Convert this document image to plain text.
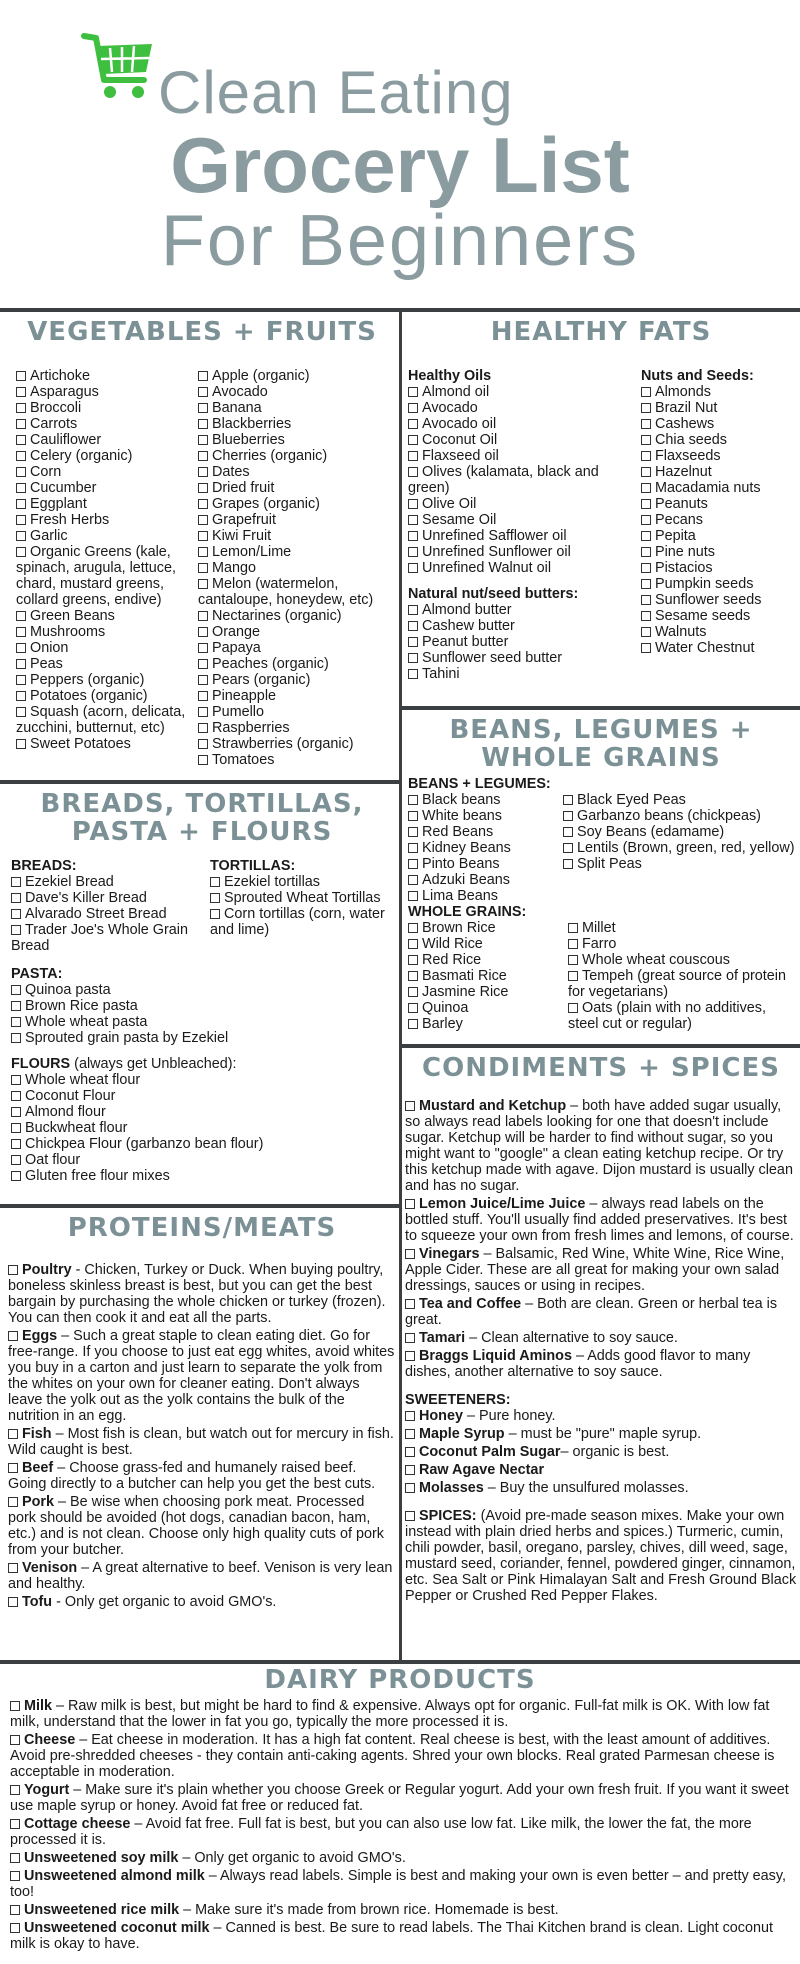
Clean Eating
Grocery List
For Beginners
VEGETABLES + FRUITS
Artichoke
Asparagus
Broccoli
Carrots
Cauliflower
Celery (organic)
Corn
Cucumber
Eggplant
Fresh Herbs
Garlic
Organic Greens (kale, spinach, arugula, lettuce, chard, mustard greens, collard greens, endive)
Green Beans
Mushrooms
Onion
Peas
Peppers (organic)
Potatoes (organic)
Squash (acorn, delicata, zucchini, butternut, etc)
Sweet Potatoes
Apple (organic)
Avocado
Banana
Blackberries
Blueberries
Cherries (organic)
Dates
Dried fruit
Grapes (organic)
Grapefruit
Kiwi Fruit
Lemon/Lime
Mango
Melon (watermelon, cantaloupe, honeydew, etc)
Nectarines (organic)
Orange
Papaya
Peaches (organic)
Pears (organic)
Pineapple
Pumello
Raspberries
Strawberries (organic)
Tomatoes
HEALTHY FATS
Healthy Oils
Almond oil
Avocado
Avocado oil
Coconut Oil
Flaxseed oil
Olives (kalamata, black and green)
Olive Oil
Sesame Oil
Unrefined Safflower oil
Unrefined Sunflower oil
Unrefined Walnut oil
Natural nut/seed butters:
Almond butter
Cashew butter
Peanut butter
Sunflower seed butter
Tahini
Nuts and Seeds:
Almonds
Brazil Nut
Cashews
Chia seeds
Flaxseeds
Hazelnut
Macadamia nuts
Peanuts
Pecans
Pepita
Pine nuts
Pistacios
Pumpkin seeds
Sunflower seeds
Sesame seeds
Walnuts
Water Chestnut
BREADS, TORTILLAS, PASTA + FLOURS
BREADS:
Ezekiel Bread
Dave's Killer Bread
Alvarado Street Bread
Trader Joe's Whole Grain Bread
TORTILLAS:
Ezekiel tortillas
Sprouted Wheat Tortillas
Corn tortillas (corn, water and lime)
PASTA:
Quinoa pasta
Brown Rice pasta
Whole wheat pasta
Sprouted grain pasta by Ezekiel
FLOURS (always get Unbleached):
Whole wheat flour
Coconut Flour
Almond flour
Buckwheat flour
Chickpea Flour (garbanzo bean flour)
Oat flour
Gluten free flour mixes
BEANS, LEGUMES + WHOLE GRAINS
BEANS + LEGUMES:
Black beans
White beans
Red Beans
Kidney Beans
Pinto Beans
Adzuki Beans
Lima Beans
Black Eyed Peas
Garbanzo beans (chickpeas)
Soy Beans (edamame)
Lentils (Brown, green, red, yellow)
Split Peas
WHOLE GRAINS:
Brown Rice
Wild Rice
Red Rice
Basmati Rice
Jasmine Rice
Quinoa
Barley
Millet
Farro
Whole wheat couscous
Tempeh (great source of protein for vegetarians)
Oats (plain with no additives, steel cut or regular)
PROTEINS/MEATS
Poultry - Chicken, Turkey or Duck. When buying poultry, boneless skinless breast is best, but you can get the best bargain by purchasing the whole chicken or turkey (frozen). You can then cook it and eat all the parts.
Eggs – Such a great staple to clean eating diet. Go for free-range. If you choose to just eat egg whites, avoid whites you buy in a carton and just learn to separate the yolk from the whites on your own for cleaner eating. Don't always leave the yolk out as the yolk contains the bulk of the nutrition in an egg.
Fish – Most fish is clean, but watch out for mercury in fish. Wild caught is best.
Beef – Choose grass-fed and humanely raised beef. Going directly to a butcher can help you get the best cuts.
Pork – Be wise when choosing pork meat. Processed pork should be avoided (hot dogs, canadian bacon, ham, etc.) and is not clean. Choose only high quality cuts of pork from your butcher.
Venison – A great alternative to beef. Venison is very lean and healthy.
Tofu - Only get organic to avoid GMO's.
CONDIMENTS + SPICES
Mustard and Ketchup – both have added sugar usually, so always read labels looking for one that doesn't include sugar. Ketchup will be harder to find without sugar, so you might want to "google" a clean eating ketchup recipe. Or try this ketchup made with agave. Dijon mustard is usually clean and has no sugar.
Lemon Juice/Lime Juice – always read labels on the bottled stuff. You'll usually find added preservatives. It's best to squeeze your own from fresh limes and lemons, of course.
Vinegars – Balsamic, Red Wine, White Wine, Rice Wine, Apple Cider. These are all great for making your own salad dressings, sauces or using in recipes.
Tea and Coffee – Both are clean. Green or herbal tea is great.
Tamari – Clean alternative to soy sauce.
Braggs Liquid Aminos – Adds good flavor to many dishes, another alternative to soy sauce.
SWEETENERS:
Honey – Pure honey.
Maple Syrup – must be "pure" maple syrup.
Coconut Palm Sugar– organic is best.
Raw Agave Nectar
Molasses – Buy the unsulfured molasses.
SPICES: (Avoid pre-made season mixes. Make your own instead with plain dried herbs and spices.) Turmeric, cumin, chili powder, basil, oregano, parsley, chives, dill weed, sage, mustard seed, coriander, fennel, powdered ginger, cinnamon, etc. Sea Salt or Pink Himalayan Salt and Fresh Ground Black Pepper or Crushed Red Pepper Flakes.
DAIRY PRODUCTS
Milk – Raw milk is best, but might be hard to find & expensive. Always opt for organic. Full-fat milk is OK. With low fat milk, understand that the lower in fat you go, typically the more processed it is.
Cheese – Eat cheese in moderation. It has a high fat content. Real cheese is best, with the least amount of additives. Avoid pre-shredded cheeses - they contain anti-caking agents. Shred your own blocks. Real grated Parmesan cheese is acceptable in moderation.
Yogurt – Make sure it's plain whether you choose Greek or Regular yogurt. Add your own fresh fruit. If you want it sweet use maple syrup or honey. Avoid fat free or reduced fat.
Cottage cheese – Avoid fat free. Full fat is best, but you can also use low fat. Like milk, the lower the fat, the more processed it is.
Unsweetened soy milk – Only get organic to avoid GMO's.
Unsweetened almond milk – Always read labels. Simple is best and making your own is even better – and pretty easy, too!
Unsweetened rice milk – Make sure it's made from brown rice. Homemade is best.
Unsweetened coconut milk – Canned is best. Be sure to read labels. The Thai Kitchen brand is clean. Light coconut milk is okay to have.
